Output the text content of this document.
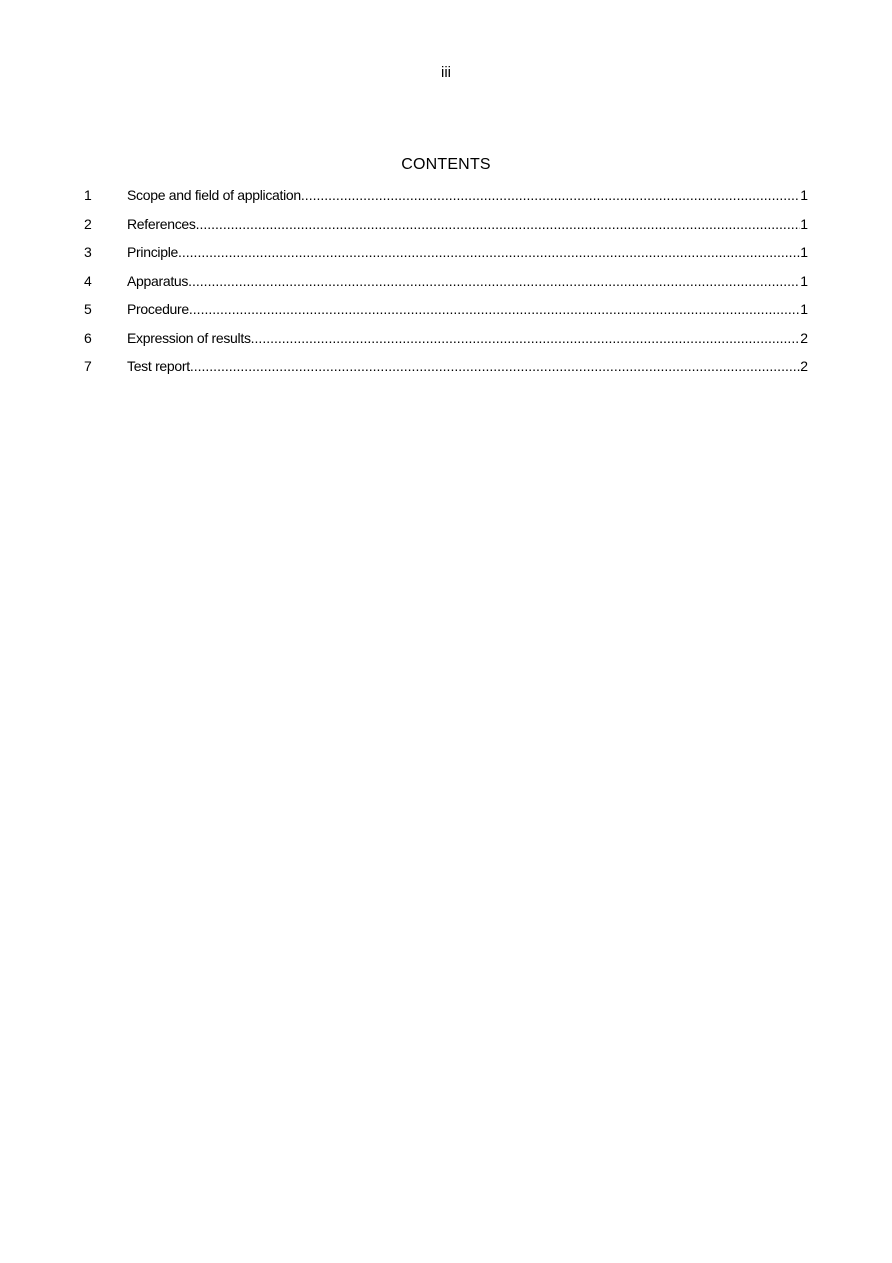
iii
CONTENTS
1	Scope and field of application .....	1
2	References .....	1
3	Principle .....	1
4	Apparatus .....	1
5	Procedure .....	1
6	Expression of results .....	2
7	Test report .....	2
